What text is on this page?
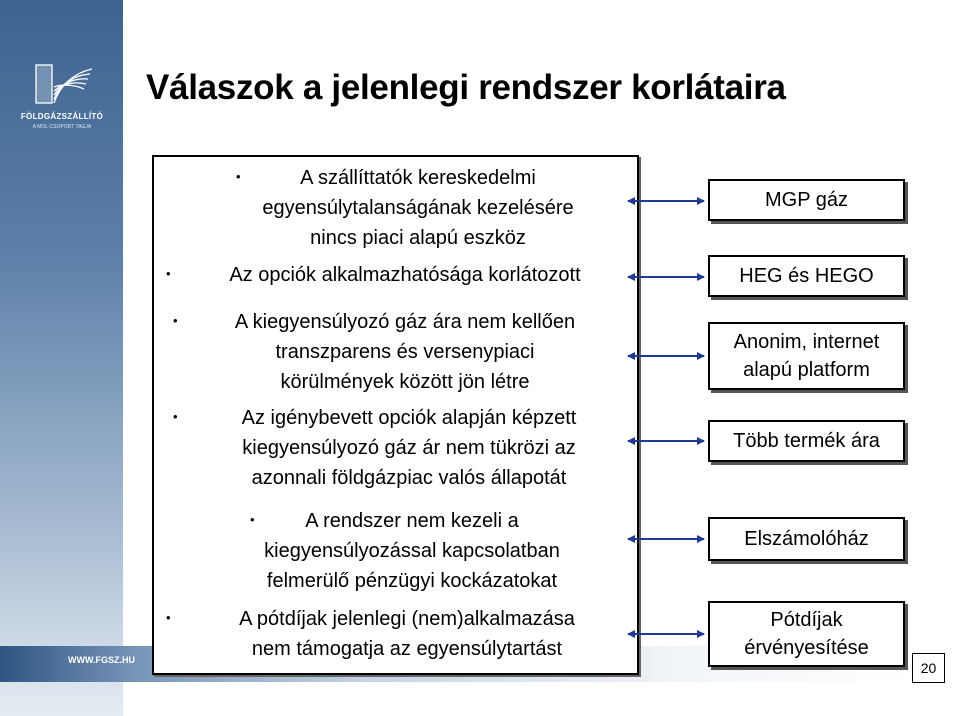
FÖLDGÁZSZÁLLÍTÓ
A MOL-CSOPORT TAGJA
WWW.FGSZ.HU
Válaszok a jelenlegi rendszer korlátaira
•	A szállíttatók kereskedelmi
egyensúlytalanságának kezelésére
nincs piaci alapú eszköz
•	Az opciók alkalmazhatósága korlátozott
•	A kiegyensúlyozó gáz ára nem kellően
transzparens és versenypiaci
körülmények között jön létre
•	Az igénybevett opciók alapján képzett
kiegyensúlyozó gáz ár nem tükrözi az
azonnali földgázpiac valós állapotát
•	A rendszer nem kezeli a
kiegyensúlyozással kapcsolatban
felmerülő pénzügyi kockázatokat
•	A pótdíjak jelenlegi (nem)alkalmazása
nem támogatja az egyensúlytartást
MGP gáz
HEG és HEGO
Anonim, internet
alapú platform
Több termék ára
Elszámolóház
Pótdíjak
érvényesítése
20
